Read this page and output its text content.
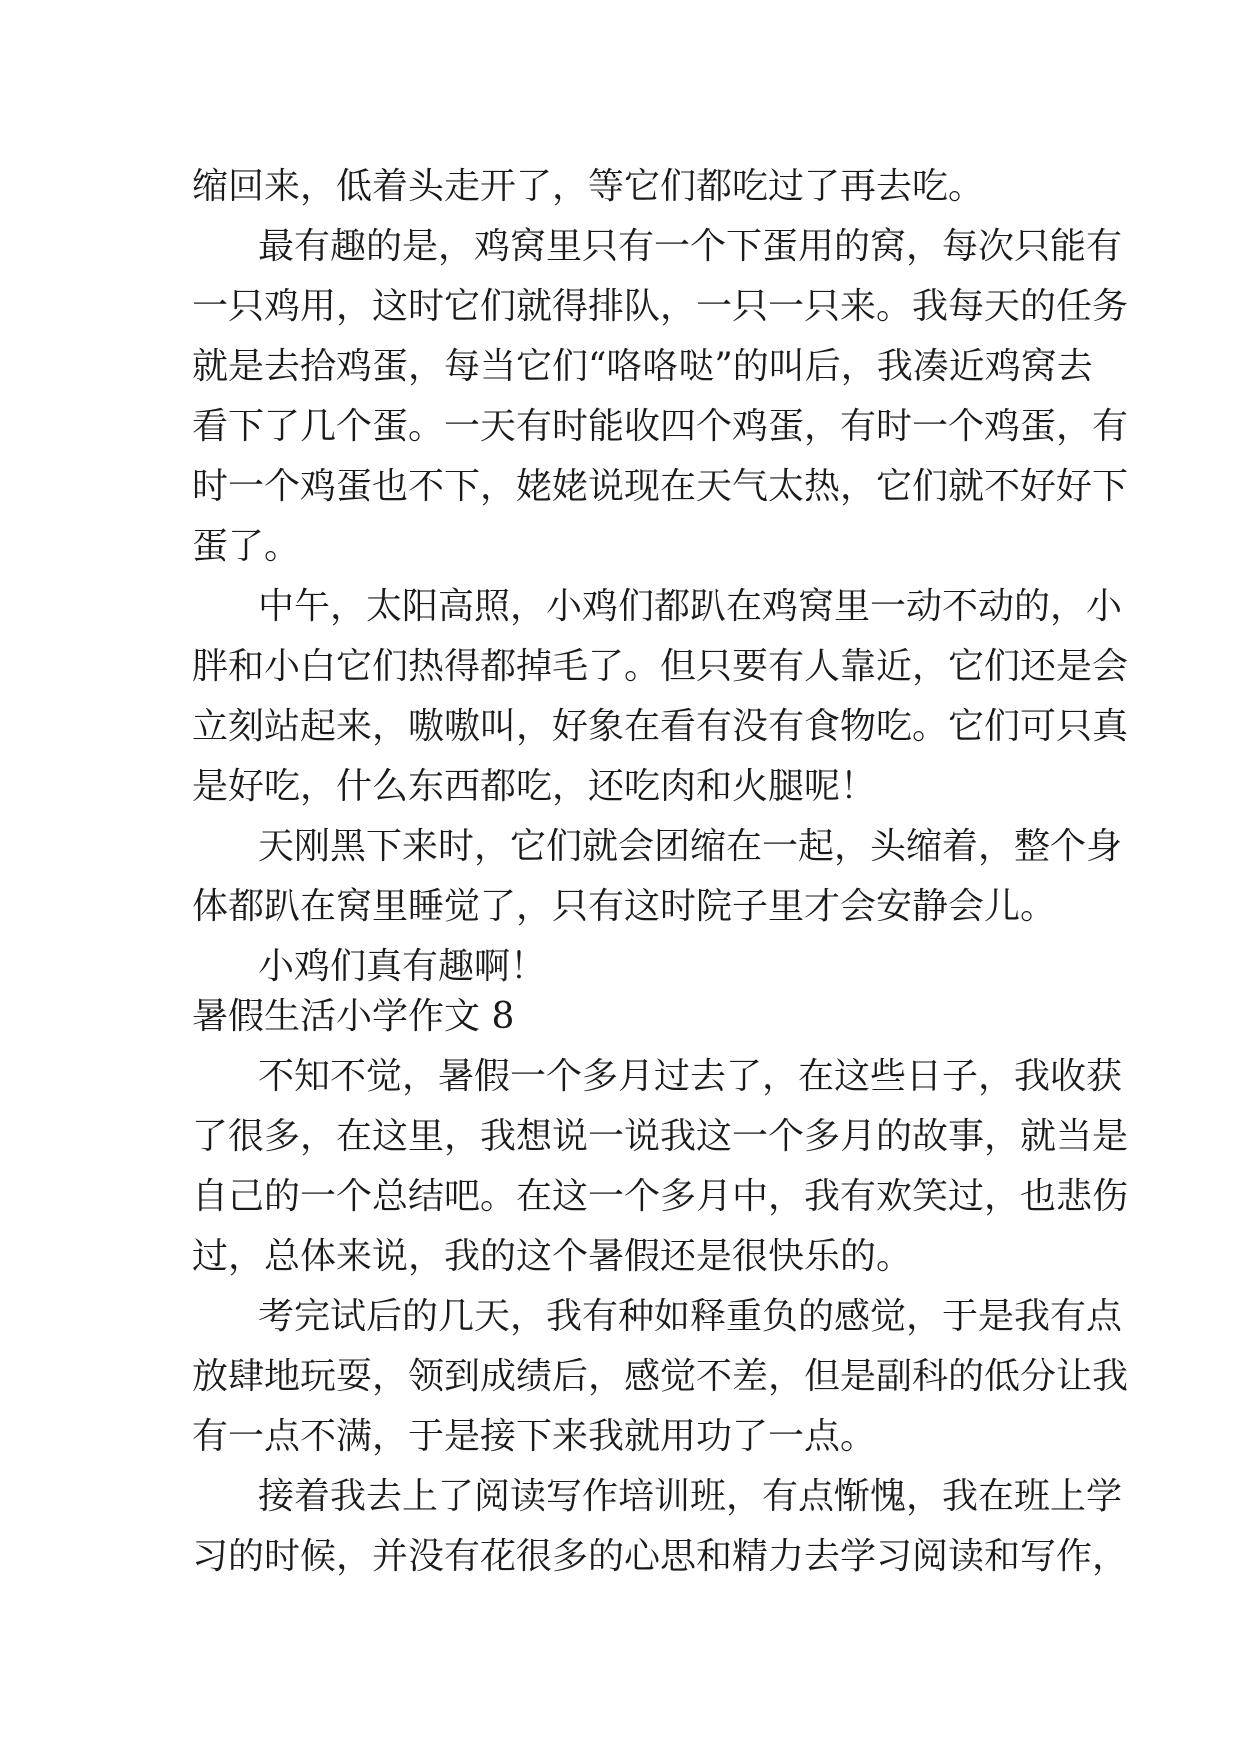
缩回来，低着头走开了，等它们都吃过了再去吃。
最有趣的是，鸡窝里只有一个下蛋用的窝，每次只能有
一只鸡用，这时它们就得排队，一只一只来。我每天的任务
就是去拾鸡蛋，每当它们“咯咯哒”的叫后，我凑近鸡窝去
看下了几个蛋。一天有时能收四个鸡蛋，有时一个鸡蛋，有
时一个鸡蛋也不下，姥姥说现在天气太热，它们就不好好下
蛋了。
中午，太阳高照，小鸡们都趴在鸡窝里一动不动的，小
胖和小白它们热得都掉毛了。但只要有人靠近，它们还是会
立刻站起来，嗷嗷叫，好象在看有没有食物吃。它们可只真
是好吃，什么东西都吃，还吃肉和火腿呢！
天刚黑下来时，它们就会团缩在一起，头缩着，整个身
体都趴在窝里睡觉了，只有这时院子里才会安静会儿。
小鸡们真有趣啊！
暑假生活小学作文 8
不知不觉，暑假一个多月过去了，在这些日子，我收获
了很多，在这里，我想说一说我这一个多月的故事，就当是
自己的一个总结吧。在这一个多月中，我有欢笑过，也悲伤
过，总体来说，我的这个暑假还是很快乐的。
考完试后的几天，我有种如释重负的感觉，于是我有点
放肆地玩耍，领到成绩后，感觉不差，但是副科的低分让我
有一点不满，于是接下来我就用功了一点。
接着我去上了阅读写作培训班，有点惭愧，我在班上学
习的时候，并没有花很多的心思和精力去学习阅读和写作，
